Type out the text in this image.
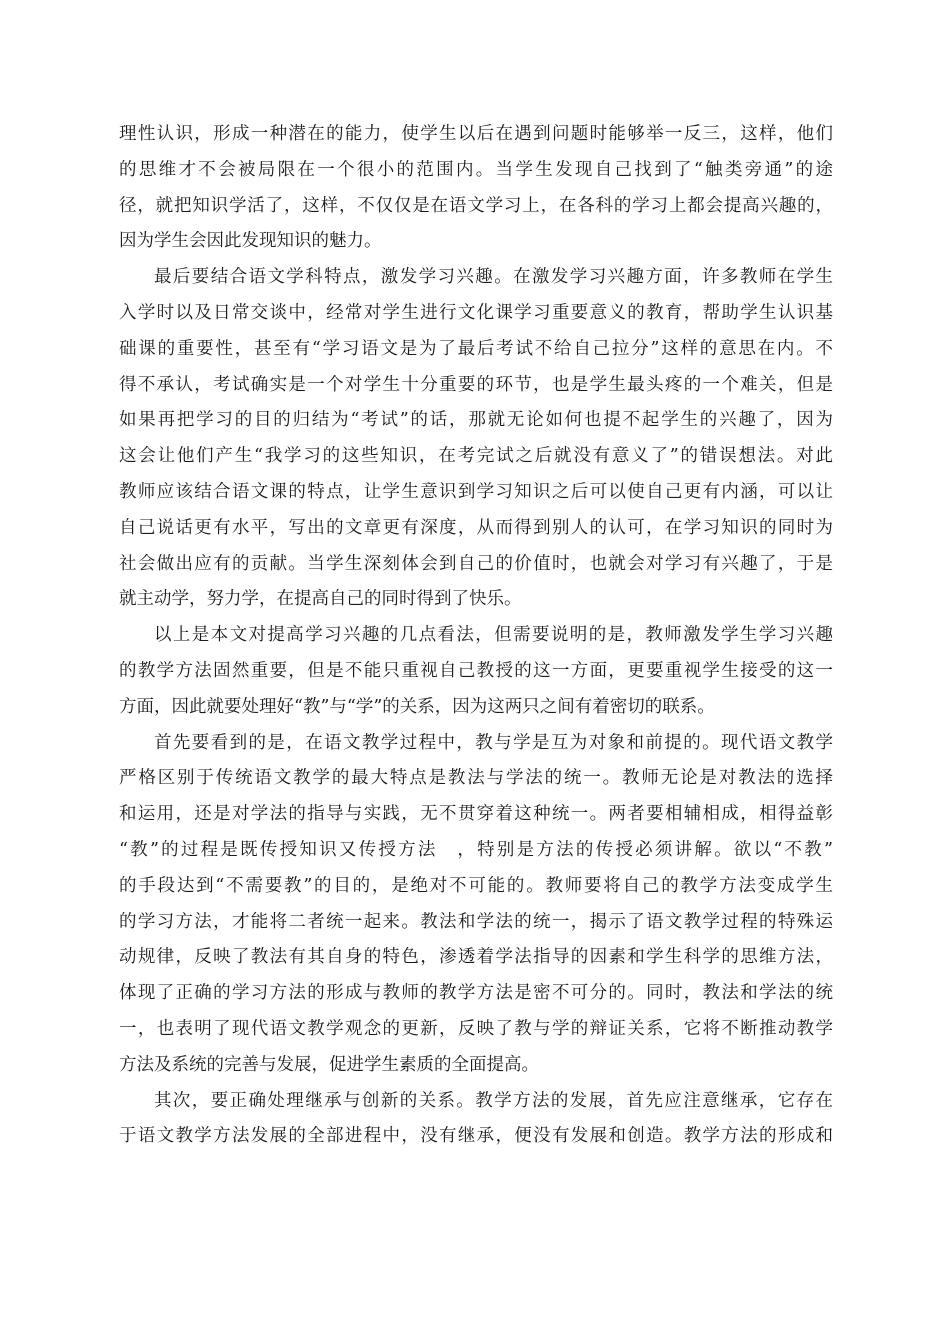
理性认识，形成一种潜在的能力，使学生以后在遇到问题时能够举一反三，这样，他们
的思维才不会被局限在一个很小的范围内。当学生发现自己找到了“触类旁通”的途
径，就把知识学活了，这样，不仅仅是在语文学习上，在各科的学习上都会提高兴趣的，
因为学生会因此发现知识的魅力。
最后要结合语文学科特点，激发学习兴趣。在激发学习兴趣方面，许多教师在学生
入学时以及日常交谈中，经常对学生进行文化课学习重要意义的教育，帮助学生认识基
础课的重要性，甚至有“学习语文是为了最后考试不给自己拉分”这样的意思在内。不
得不承认，考试确实是一个对学生十分重要的环节，也是学生最头疼的一个难关，但是
如果再把学习的目的归结为“考试”的话，那就无论如何也提不起学生的兴趣了，因为
这会让他们产生“我学习的这些知识，在考完试之后就没有意义了”的错误想法。对此
教师应该结合语文课的特点，让学生意识到学习知识之后可以使自己更有内涵，可以让
自己说话更有水平，写出的文章更有深度，从而得到别人的认可，在学习知识的同时为
社会做出应有的贡献。当学生深刻体会到自己的价值时，也就会对学习有兴趣了，于是
就主动学，努力学，在提高自己的同时得到了快乐。
以上是本文对提高学习兴趣的几点看法，但需要说明的是，教师激发学生学习兴趣
的教学方法固然重要，但是不能只重视自己教授的这一方面，更要重视学生接受的这一
方面，因此就要处理好“教”与“学”的关系，因为这两只之间有着密切的联系。
首先要看到的是，在语文教学过程中，教与学是互为对象和前提的。现代语文教学
严格区别于传统语文教学的最大特点是教法与学法的统一。教师无论是对教法的选择
和运用，还是对学法的指导与实践，无不贯穿着这种统一。两者要相辅相成，相得益彰
“教”的过程是既传授知识又传授方法　，特别是方法的传授必须讲解。欲以“不教”
的手段达到“不需要教”的目的，是绝对不可能的。教师要将自己的教学方法变成学生
的学习方法，才能将二者统一起来。教法和学法的统一，揭示了语文教学过程的特殊运
动规律，反映了教法有其自身的特色，渗透着学法指导的因素和学生科学的思维方法，
体现了正确的学习方法的形成与教师的教学方法是密不可分的。同时，教法和学法的统
一，也表明了现代语文教学观念的更新，反映了教与学的辩证关系，它将不断推动教学
方法及系统的完善与发展，促进学生素质的全面提高。
其次，要正确处理继承与创新的关系。教学方法的发展，首先应注意继承，它存在
于语文教学方法发展的全部进程中，没有继承，便没有发展和创造。教学方法的形成和
